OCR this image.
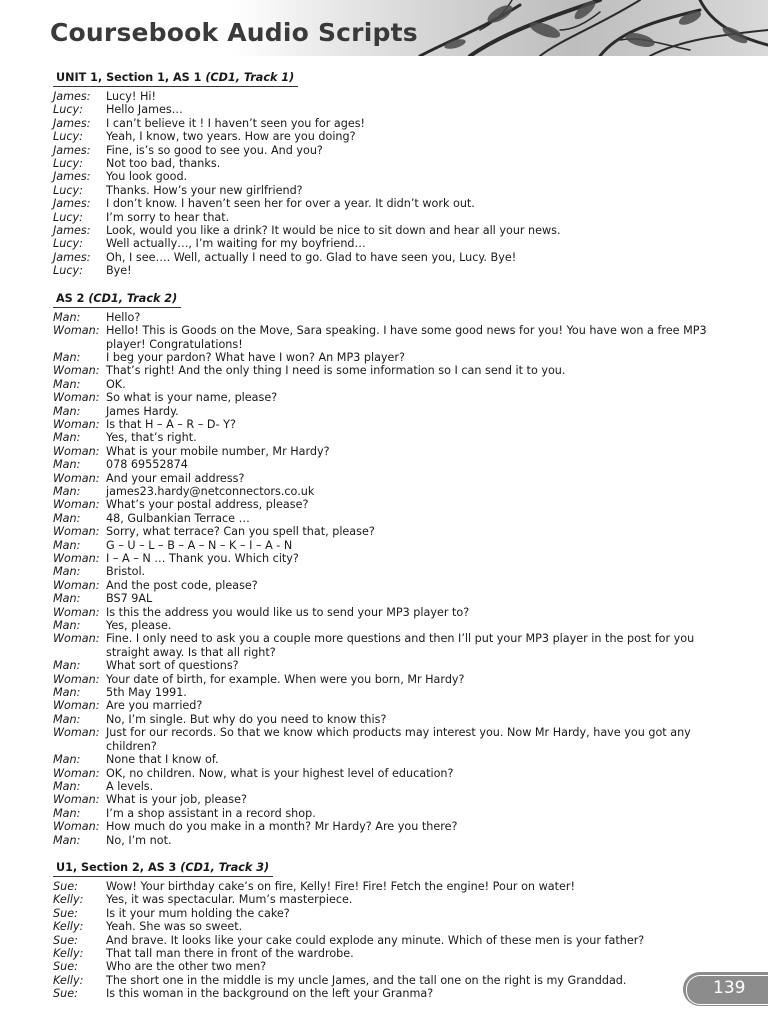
Coursebook Audio Scripts
UNIT 1, Section 1, AS 1 (CD1, Track 1)
James:	Lucy! Hi!
Lucy:	Hello James…
James:	I can’t believe it ! I haven’t seen you for ages!
Lucy:	Yeah, I know, two years. How are you doing?
James:	Fine, is’s so good to see you. And you?
Lucy:	Not too bad, thanks.
James:	You look good.
Lucy:	Thanks. How’s your new girlfriend?
James:	I don’t know. I haven’t seen her for over a year. It didn’t work out.
Lucy:	I’m sorry to hear that.
James:	Look, would you like a drink? It would be nice to sit down and hear all your news.
Lucy:	Well actually…, I’m waiting for my boyfriend…
James:	Oh, I see…. Well, actually I need to go. Glad to have seen you, Lucy. Bye!
Lucy:	Bye!
AS 2 (CD1, Track 2)
Man:	Hello?
Woman: Hello! This is Goods on the Move, Sara speaking. I have some good news for you! You have won a free MP3 player! Congratulations!
Man:	I beg your pardon? What have I won? An MP3 player?
Woman: That’s right! And the only thing I need is some information so I can send it to you.
Man:	OK.
Woman: So what is your name, please?
Man:	James Hardy.
Woman: Is that H – A – R – D- Y?
Man:	Yes, that’s right.
Woman: What is your mobile number, Mr Hardy?
Man:	078 69552874
Woman: And your email address?
Man:	james23.hardy@netconnectors.co.uk
Woman: What’s your postal address, please?
Man:	48, Gulbankian Terrace …
Woman: Sorry, what terrace? Can you spell that, please?
Man:	G – U – L – B – A – N – K – I – A - N
Woman: I – A – N … Thank you. Which city?
Man:	Bristol.
Woman: And the post code, please?
Man:	BS7 9AL
Woman: Is this the address you would like us to send your MP3 player to?
Man:	Yes, please.
Woman: Fine. I only need to ask you a couple more questions and then I’ll put your MP3 player in the post for you straight away. Is that all right?
Man:	What sort of questions?
Woman: Your date of birth, for example. When were you born, Mr Hardy?
Man:	5th May 1991.
Woman: Are you married?
Man:	No, I’m single. But why do you need to know this?
Woman: Just for our records. So that we know which products may interest you. Now Mr Hardy, have you got any children?
Man:	None that I know of.
Woman: OK, no children. Now, what is your highest level of education?
Man:	A levels.
Woman: What is your job, please?
Man:	I’m a shop assistant in a record shop.
Woman: How much do you make in a month? Mr Hardy? Are you there?
Man:	No, I’m not.
U1, Section 2, AS 3 (CD1, Track 3)
Sue:	Wow! Your birthday cake’s on fire, Kelly! Fire! Fire! Fetch the engine! Pour on water!
Kelly:	Yes, it was spectacular. Mum’s masterpiece.
Sue:	Is it your mum holding the cake?
Kelly:	Yeah. She was so sweet.
Sue:	And brave. It looks like your cake could explode any minute. Which of these men is your father?
Kelly:	That tall man there in front of the wardrobe.
Sue:	Who are the other two men?
Kelly:	The short one in the middle is my uncle James, and the tall one on the right is my Granddad.
Sue:	Is this woman in the background on the left your Granma?	139
